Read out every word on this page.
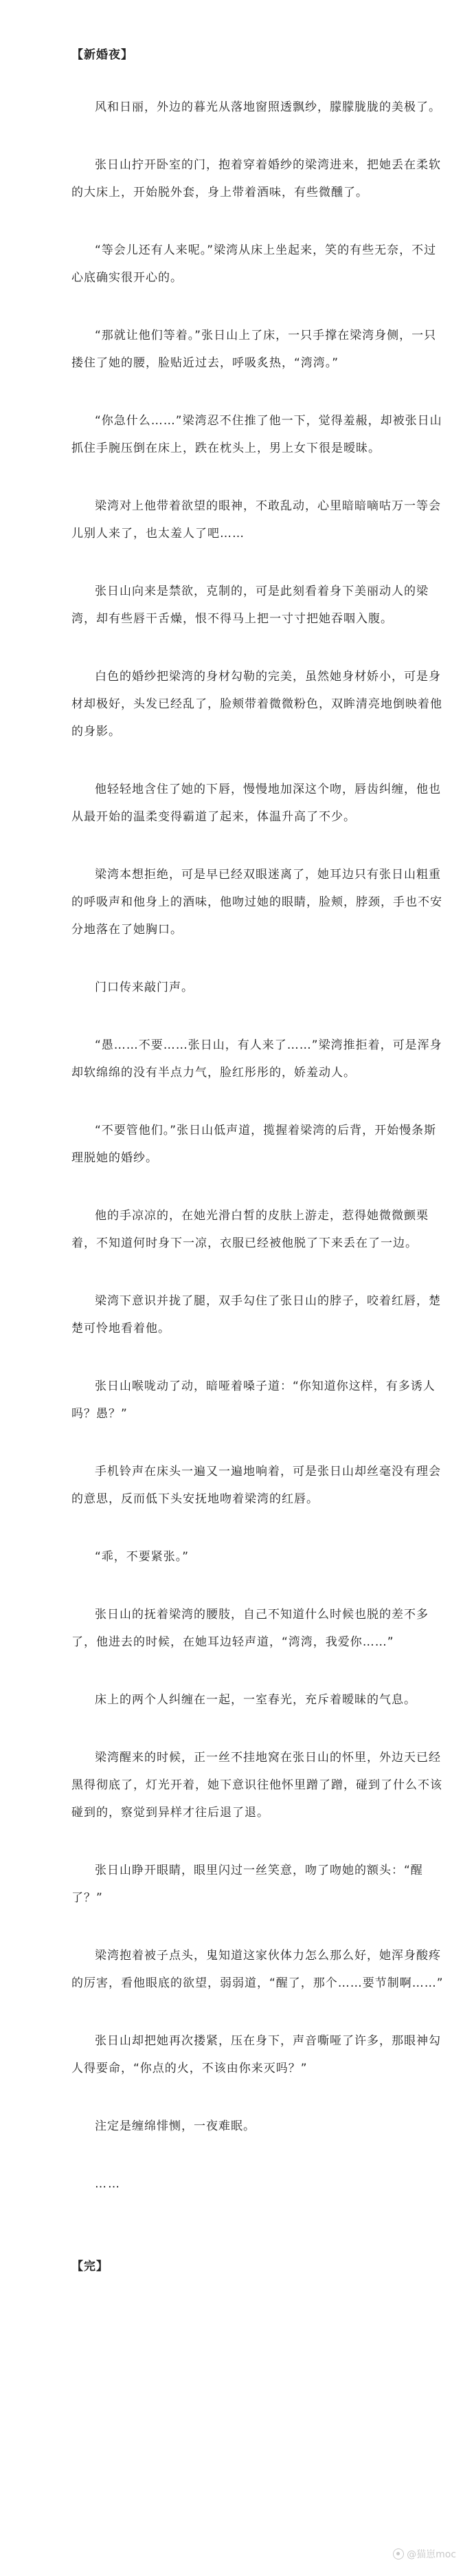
【新婚夜】

风和日丽，外边的暮光从落地窗照透飘纱，朦朦胧胧的美极了。

张日山拧开卧室的门，抱着穿着婚纱的梁湾进来，把她丢在柔软的大床上，开始脱外套，身上带着酒味，有些微醺了。

“等会儿还有人来呢。”梁湾从床上坐起来，笑的有些无奈，不过心底确实很开心的。

“那就让他们等着。”张日山上了床，一只手撑在梁湾身侧，一只搂住了她的腰，脸贴近过去，呼吸炙热，“湾湾。”

“你急什么……”梁湾忍不住推了他一下，觉得羞赧，却被张日山抓住手腕压倒在床上，跌在枕头上，男上女下很是暧昧。

梁湾对上他带着欲望的眼神，不敢乱动，心里暗暗嘀咕万一等会儿别人来了，也太羞人了吧……

张日山向来是禁欲，克制的，可是此刻看着身下美丽动人的梁湾，却有些唇干舌燥，恨不得马上把一寸寸把她吞咽入腹。

白色的婚纱把梁湾的身材勾勒的完美，虽然她身材娇小，可是身材却极好，头发已经乱了，脸颊带着微微粉色，双眸清亮地倒映着他的身影。

他轻轻地含住了她的下唇，慢慢地加深这个吻，唇齿纠缠，他也从最开始的温柔变得霸道了起来，体温升高了不少。

梁湾本想拒绝，可是早已经双眼迷离了，她耳边只有张日山粗重的呼吸声和他身上的酒味，他吻过她的眼睛，脸颊，脖颈，手也不安分地落在了她胸口。

门口传来敲门声。

“愚……不要……张日山，有人来了……”梁湾推拒着，可是浑身却软绵绵的没有半点力气，脸红彤彤的，娇羞动人。

“不要管他们。”张日山低声道，揽握着梁湾的后背，开始慢条斯理脱她的婚纱。

他的手凉凉的，在她光滑白皙的皮肤上游走，惹得她微微颤栗着，不知道何时身下一凉，衣服已经被他脱了下来丢在了一边。

梁湾下意识并拢了腿，双手勾住了张日山的脖子，咬着红唇，楚楚可怜地看着他。

张日山喉咙动了动，暗哑着嗓子道：“你知道你这样，有多诱人吗？愚？”

手机铃声在床头一遍又一遍地响着，可是张日山却丝毫没有理会的意思，反而低下头安抚地吻着梁湾的红唇。

“乖，不要紧张。”

张日山的抚着梁湾的腰肢，自己不知道什么时候也脱的差不多了，他进去的时候，在她耳边轻声道，“湾湾，我爱你……”

床上的两个人纠缠在一起，一室春光，充斥着暧昧的气息。

梁湾醒来的时候，正一丝不挂地窝在张日山的怀里，外边天已经黑得彻底了，灯光开着，她下意识往他怀里蹭了蹭，碰到了什么不该碰到的，察觉到异样才往后退了退。

张日山睁开眼睛，眼里闪过一丝笑意，吻了吻她的额头：“醒了？”

梁湾抱着被子点头，鬼知道这家伙体力怎么那么好，她浑身酸疼的厉害，看他眼底的欲望，弱弱道，“醒了，那个……要节制啊……”

张日山却把她再次搂紧，压在身下，声音嘶哑了许多，那眼神勾人得要命，“你点的火，不该由你来灭吗？”

注定是缠绵悱恻，一夜难眠。

……

【完】

@猫崽moc
